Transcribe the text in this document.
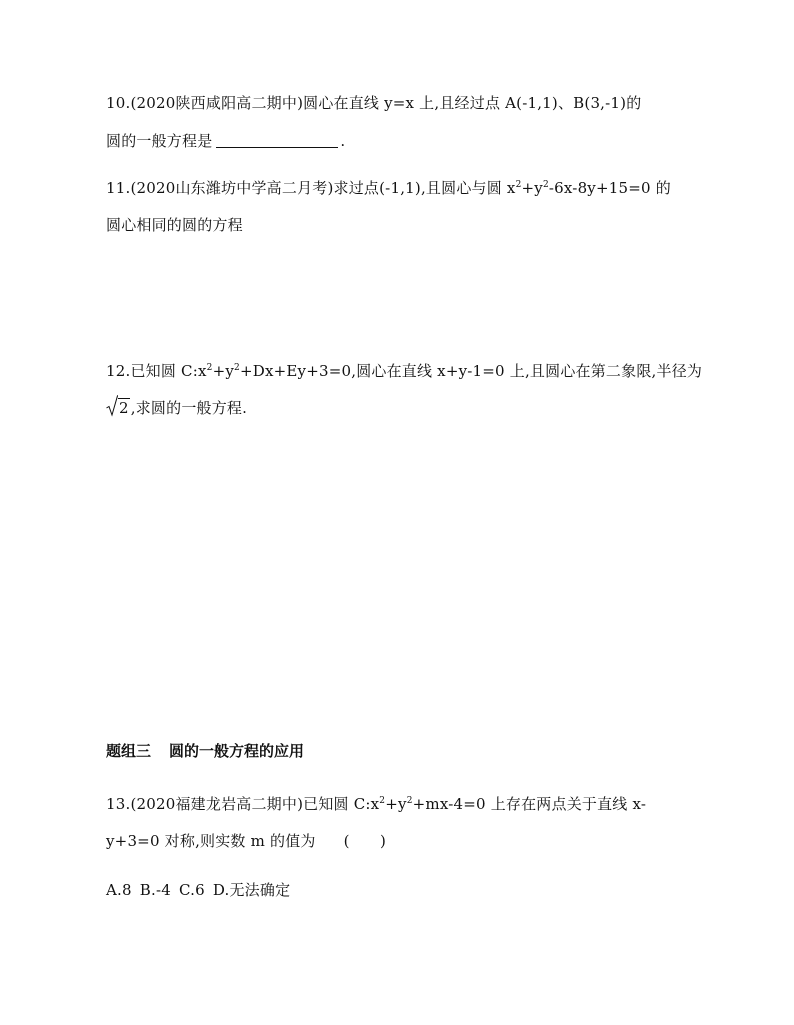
10.(2020陕西咸阳高二期中)圆心在直线 y=x 上,且经过点 A(-1,1)、B(3,-1)的
圆的一般方程是	.
11.(2020山东潍坊中学高二月考)求过点(-1,1),且圆心与圆 $x^2+y^2-6x-8y+15=0$ 的
圆心相同的圆的方程
12.已知圆 $C:x^2+y^2+Dx+Ey+3=0$,圆心在直线 x+y-1=0 上,且圆心在第二象限,半径为
2 ,求圆的一般方程.
题组三 圆的一般方程的应用
13.(2020福建龙岩高二期中)已知圆 $C:x^2+y^2+mx-4=0$ 上存在两点关于直线 x-
y+3=0 对称,则实数 m 的值为 (　　)
A.8 B.-4 C.6 D.无法确定
